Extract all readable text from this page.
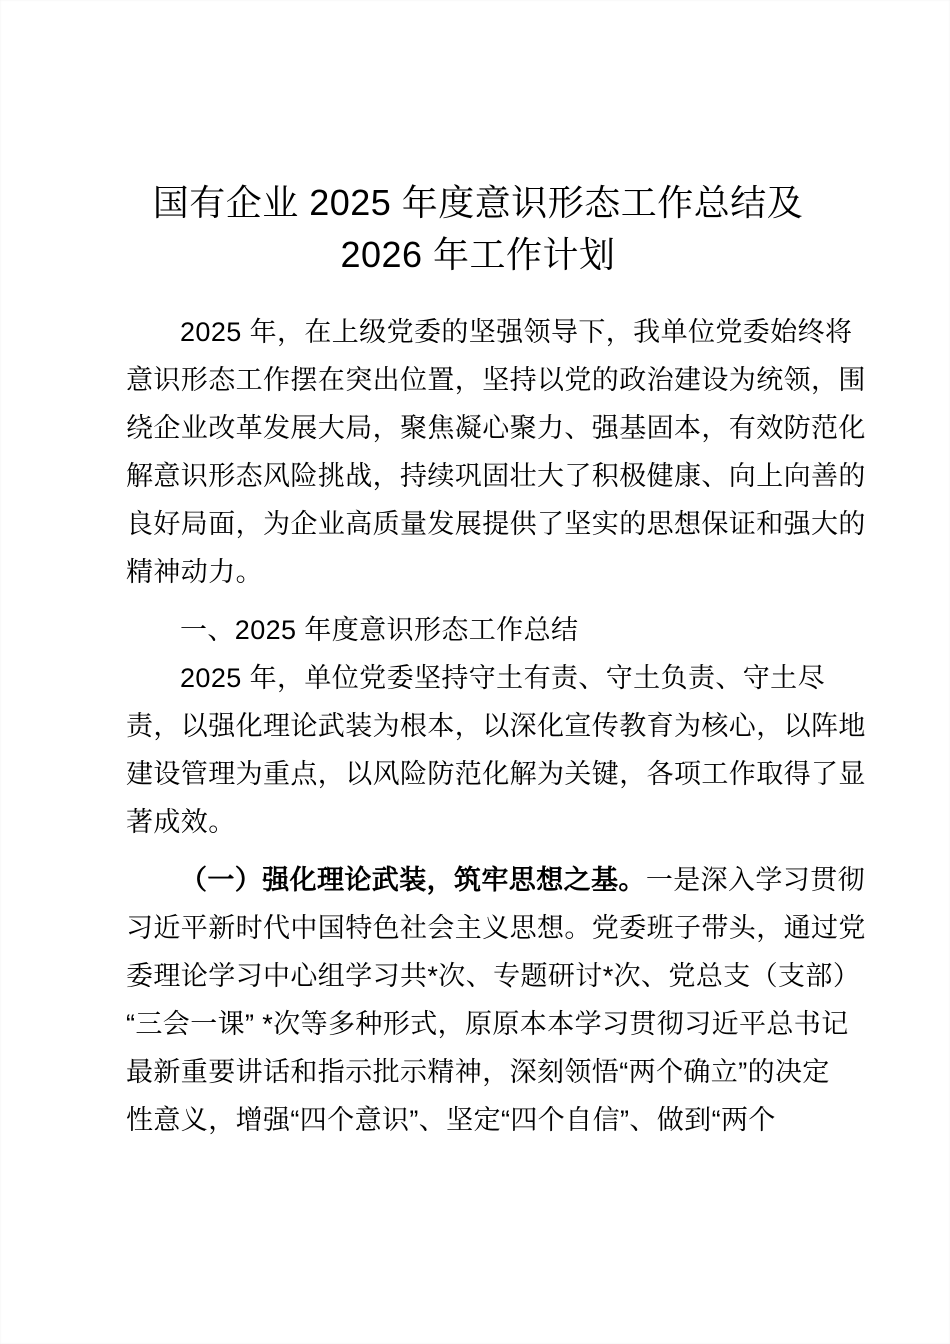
国有企业 2025 年度意识形态工作总结及
2026 年工作计划
2025 年，在上级党委的坚强领导下，我单位党委始终将
意识形态工作摆在突出位置，坚持以党的政治建设为统领，围
绕企业改革发展大局，聚焦凝心聚力、强基固本，有效防范化
解意识形态风险挑战，持续巩固壮大了积极健康、向上向善的
良好局面，为企业高质量发展提供了坚实的思想保证和强大的
精神动力。
一、2025 年度意识形态工作总结
2025 年，单位党委坚持守土有责、守土负责、守土尽
责，以强化理论武装为根本，以深化宣传教育为核心，以阵地
建设管理为重点，以风险防范化解为关键，各项工作取得了显
著成效。
（一）强化理论武装，筑牢思想之基。一是深入学习贯彻
习近平新时代中国特色社会主义思想。党委班子带头，通过党
委理论学习中心组学习共*次、专题研讨*次、党总支（支部）
“三会一课” *次等多种形式，原原本本学习贯彻习近平总书记
最新重要讲话和指示批示精神，深刻领悟“两个确立”的决定
性意义，增强“四个意识”、坚定“四个自信”、做到“两个
